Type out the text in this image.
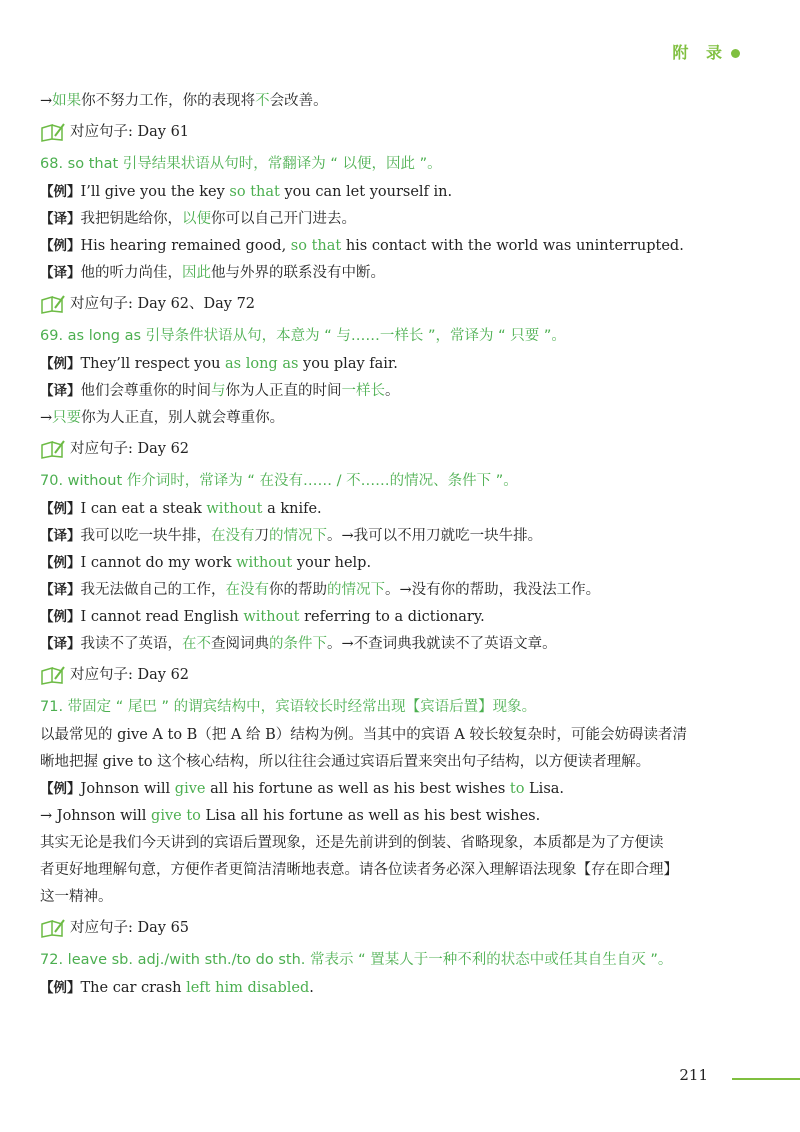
附 录
→如果你不努力工作，你的表现将不会改善。
对应句子: Day 61
68. so that 引导结果状语从句时，常翻译为 “ 以便，因此 ”。
【例】I’ll give you the key so that you can let yourself in.
【译】我把钥匙给你，以便你可以自己开门进去。
【例】His hearing remained good, so that his contact with the world was uninterrupted.
【译】他的听力尚佳，因此他与外界的联系没有中断。
对应句子: Day 62、Day 72
69. as long as 引导条件状语从句，本意为 “ 与……一样长 ”，常译为 “ 只要 ”。
【例】They’ll respect you as long as you play fair.
【译】他们会尊重你的时间与你为人正直的时间一样长。
→只要你为人正直，别人就会尊重你。
对应句子: Day 62
70. without 作介词时，常译为 “ 在没有…… / 不……的情况、条件下 ”。
【例】I can eat a steak without a knife.
【译】我可以吃一块牛排，在没有刀的情况下。→我可以不用刀就吃一块牛排。
【例】I cannot do my work without your help.
【译】我无法做自己的工作，在没有你的帮助的情况下。→没有你的帮助，我没法工作。
【例】I cannot read English without referring to a dictionary.
【译】我读不了英语，在不查阅词典的条件下。→不查词典我就读不了英语文章。
对应句子: Day 62
71. 带固定 “ 尾巴 ” 的谓宾结构中，宾语较长时经常出现【宾语后置】现象。
以最常见的 give A to B（把 A 给 B）结构为例。当其中的宾语 A 较长较复杂时，可能会妨碍读者清
晰地把握 give to 这个核心结构，所以往往会通过宾语后置来突出句子结构，以方便读者理解。
【例】Johnson will give all his fortune as well as his best wishes to Lisa.
→ Johnson will give to Lisa all his fortune as well as his best wishes.
其实无论是我们今天讲到的宾语后置现象，还是先前讲到的倒装、省略现象，本质都是为了方便读
者更好地理解句意，方便作者更简洁清晰地表意。请各位读者务必深入理解语法现象【存在即合理】
这一精神。
对应句子: Day 65
72. leave sb. adj./with sth./to do sth. 常表示 “ 置某人于一种不利的状态中或任其自生自灭 ”。
【例】The car crash left him disabled.
211
